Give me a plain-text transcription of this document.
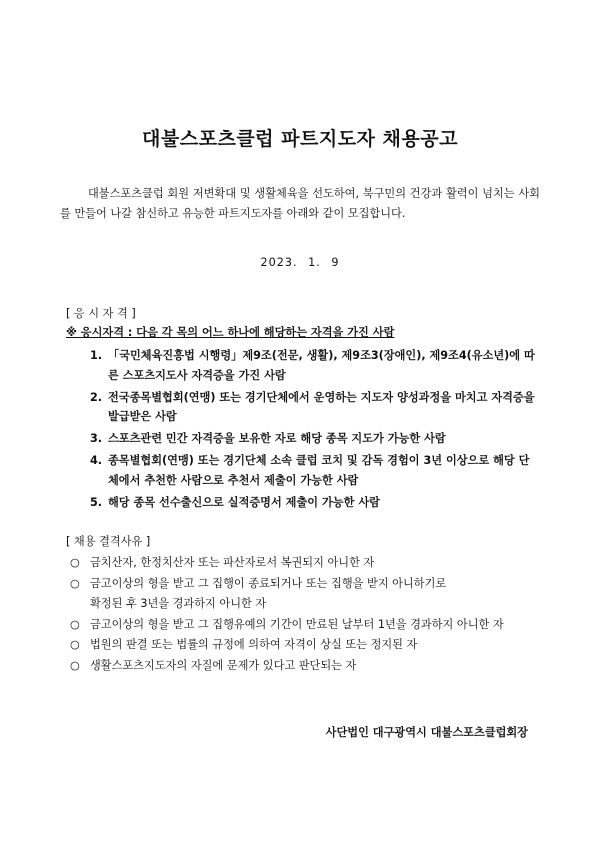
대불스포츠클럽 파트지도자 채용공고

대불스포츠클럽 회원 저변확대 및 생활체육을 선도하여, 북구민의 건강과 활력이 넘치는 사회를 만들어 나갈 참신하고 유능한 파트지도자를 아래와 같이 모집합니다.

2023. 1. 9
[ 응 시 자 격 ]
※ 응시자격 : 다음 각 목의 어느 하나에 해당하는 자격을 가진 사람
1. 「국민체육진흥법 시행령」제9조(전문, 생활), 제9조3(장애인), 제9조4(유소년)에 따른 스포츠지도사 자격증을 가진 사람
2. 전국종목별협회(연맹) 또는 경기단체에서 운영하는 지도자 양성과정을 마치고 자격증을 발급받은 사람
3. 스포츠관련 민간 자격증을 보유한 자로 해당 종목 지도가 가능한 사람
4. 종목별협회(연맹) 또는 경기단체 소속 클럽 코치 및 감독 경험이 3년 이상으로 해당 단체에서 추천한 사람으로 추천서 제출이 가능한 사람
5. 해당 종목 선수출신으로 실적증명서 제출이 가능한 사람
[ 채용 결격사유 ]
○ 금치산자, 한정치산자 또는 파산자로서 복권되지 아니한 자
○ 금고이상의 형을 받고 그 집행이 종료되거나 또는 집행을 받지 아니하기로
확정된 후 3년을 경과하지 아니한 자
○ 금고이상의 형을 받고 그 집행유예의 기간이 만료된 날부터 1년을 경과하지 아니한 자
○ 법원의 판결 또는 법률의 규정에 의하여 자격이 상실 또는 정지된 자
○ 생활스포츠지도자의 자질에 문제가 있다고 판단되는 자
사단법인 대구광역시 대불스포츠클럽회장
